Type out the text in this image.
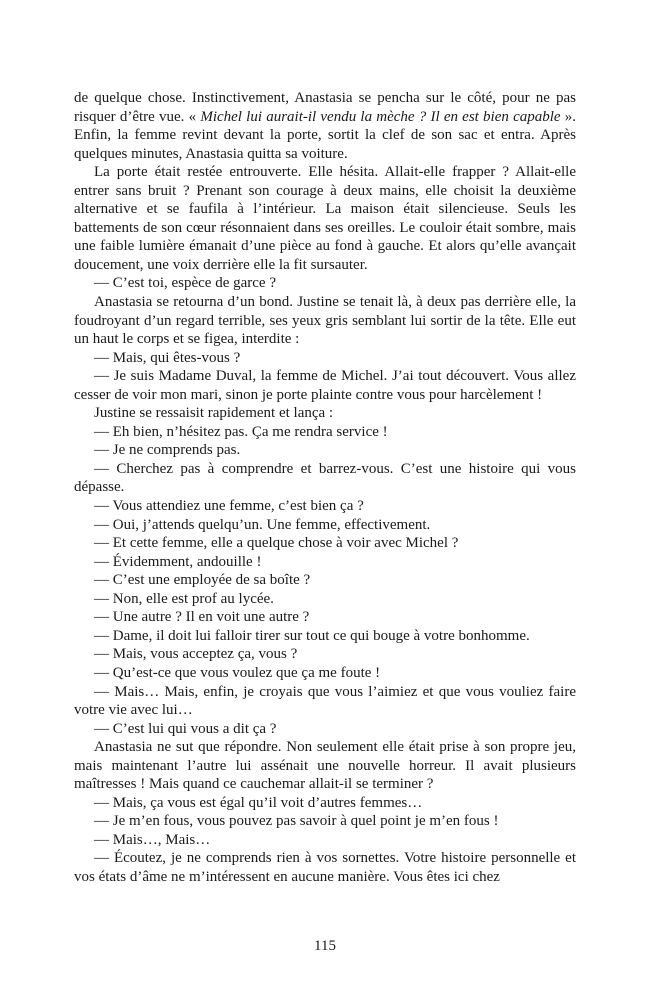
de quelque chose. Instinctivement, Anastasia se pencha sur le côté, pour ne pas risquer d’être vue. « Michel lui aurait-il vendu la mèche ? Il en est bien capable ». Enfin, la femme revint devant la porte, sortit la clef de son sac et entra. Après quelques minutes, Anastasia quitta sa voiture.

La porte était restée entrouverte. Elle hésita. Allait-elle frapper ? Allait-elle entrer sans bruit ? Prenant son courage à deux mains, elle choisit la deuxième alternative et se faufila à l’intérieur. La maison était silencieuse. Seuls les battements de son cœur résonnaient dans ses oreilles. Le couloir était sombre, mais une faible lumière émanait d’une pièce au fond à gauche. Et alors qu’elle avançait doucement, une voix derrière elle la fit sursauter.

— C’est toi, espèce de garce ?

Anastasia se retourna d’un bond. Justine se tenait là, à deux pas derrière elle, la foudroyant d’un regard terrible, ses yeux gris semblant lui sortir de la tête. Elle eut un haut le corps et se figea, interdite :

— Mais, qui êtes-vous ?

— Je suis Madame Duval, la femme de Michel. J’ai tout découvert. Vous allez cesser de voir mon mari, sinon je porte plainte contre vous pour harcèlement !

Justine se ressaisit rapidement et lança :

— Eh bien, n’hésitez pas. Ça me rendra service !

— Je ne comprends pas.

— Cherchez pas à comprendre et barrez-vous. C’est une histoire qui vous dépasse.

— Vous attendiez une femme, c’est bien ça ?

— Oui, j’attends quelqu’un. Une femme, effectivement.

— Et cette femme, elle a quelque chose à voir avec Michel ?

— Évidemment, andouille !

— C’est une employée de sa boîte ?

— Non, elle est prof au lycée.

— Une autre ? Il en voit une autre ?

— Dame, il doit lui falloir tirer sur tout ce qui bouge à votre bonhomme.

— Mais, vous acceptez ça, vous ?

— Qu’est-ce que vous voulez que ça me foute !

— Mais… Mais, enfin, je croyais que vous l’aimiez et que vous vouliez faire votre vie avec lui…

— C’est lui qui vous a dit ça ?

Anastasia ne sut que répondre. Non seulement elle était prise à son propre jeu, mais maintenant l’autre lui assénait une nouvelle horreur. Il avait plusieurs maîtresses ! Mais quand ce cauchemar allait-il se terminer ?

— Mais, ça vous est égal qu’il voit d’autres femmes…

— Je m’en fous, vous pouvez pas savoir à quel point je m’en fous !

— Mais…, Mais…

— Écoutez, je ne comprends rien à vos sornettes. Votre histoire personnelle et vos états d’âme ne m’intéressent en aucune manière. Vous êtes ici chez

115
